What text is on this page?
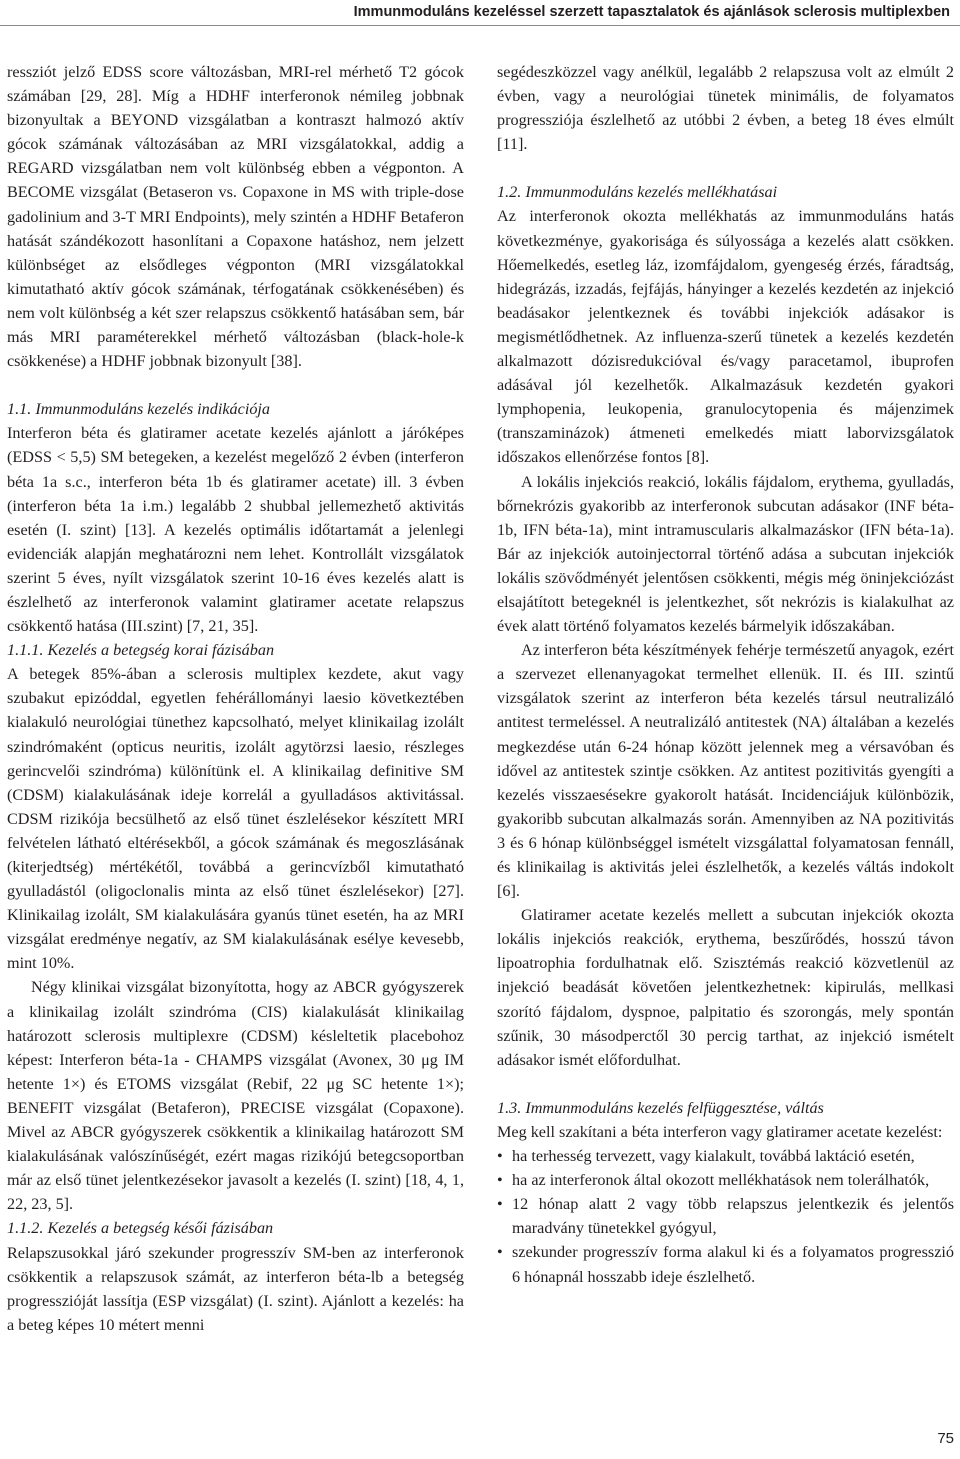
Immunmoduláns kezeléssel szerzett tapasztalatok és ajánlások sclerosis multiplexben

ressziót jelző EDSS score változásban, MRI-rel mérhető T2 gócok számában [29, 28]. Míg a HDHF interferonok némileg jobbnak bizonyultak a BEYOND vizsgálatban a kontraszt halmozó aktív gócok számának változásában az MRI vizsgálatokkal, addig a REGARD vizsgálatban nem volt különbség ebben a végponton. A BECOME vizsgálat (Betaseron vs. Copaxone in MS with triple-dose gadolinium and 3-T MRI Endpoints), mely szintén a HDHF Betaferon hatását szándékozott hasonlítani a Copaxone hatáshoz, nem jelzett különbséget az elsődleges végponton (MRI vizsgálatokkal kimutatható aktív gócok számának, térfogatának csökkenésében) és nem volt különbség a két szer relapszus csökkentő hatásában sem, bár más MRI paraméterekkel mérhető változásban (black-hole-k csökkenése) a HDHF jobbnak bizonyult [38].

1.1. Immunmoduláns kezelés indikációja

Interferon béta és glatiramer acetate kezelés ajánlott a járóképes (EDSS < 5,5) SM betegeken, a kezelést megelőző 2 évben (interferon béta 1a s.c., interferon béta 1b és glatiramer acetate) ill. 3 évben (interferon béta 1a i.m.) legalább 2 shubbal jellemezhető aktivitás esetén (I. szint) [13]. A kezelés optimális időtartamát a jelenlegi evidenciák alapján meghatározni nem lehet. Kontrollált vizsgálatok szerint 5 éves, nyílt vizsgálatok szerint 10-16 éves kezelés alatt is észlelhető az interferonok valamint glatiramer acetate relapszus csökkentő hatása (III.szint) [7, 21, 35].

1.1.1. Kezelés a betegség korai fázisában

A betegek 85%-ában a sclerosis multiplex kezdete, akut vagy szubakut epizóddal, egyetlen fehérállományi laesio következtében kialakuló neurológiai tünethez kapcsolható, melyet klinikailag izolált szindrómaként (opticus neuritis, izolált agytörzsi laesio, részleges gerincvelői szindróma) különítünk el. A klinikailag definitive SM (CDSM) kialakulásának ideje korrelál a gyulladásos aktivitással. CDSM rizikója becsülhető az első tünet észlelésekor készített MRI felvételen látható eltérésekből, a gócok számának és megoszlásának (kiterjedtség) mértékétől, továbbá a gerincvízből kimutatható gyulladástól (oligoclonalis minta az első tünet észlelésekor) [27]. Klinikailag izolált, SM kialakulására gyanús tünet esetén, ha az MRI vizsgálat eredménye negatív, az SM kialakulásának esélye kevesebb, mint 10%.

Négy klinikai vizsgálat bizonyította, hogy az ABCR gyógyszerek a klinikailag izolált szindróma (CIS) kialakulását klinikailag határozott sclerosis multiplexre (CDSM) késleltetik placebohoz képest: Interferon béta-1a - CHAMPS vizsgálat (Avonex, 30 μg IM hetente 1×) és ETOMS vizsgálat (Rebif, 22 μg SC hetente 1×); BENEFIT vizsgálat (Betaferon), PRECISE vizsgálat (Copaxone). Mivel az ABCR gyógyszerek csökkentik a klinikailag határozott SM kialakulásának valószínűségét, ezért magas rizikójú betegcsoportban már az első tünet jelentkezésekor javasolt a kezelés (I. szint) [18, 4, 1, 22, 23, 5].

1.1.2. Kezelés a betegség késői fázisában

Relapszusokkal járó szekunder progresszív SM-ben az interferonok csökkentik a relapszusok számát, az interferon béta-lb a betegség progresszióját lassítja (ESP vizsgálat) (I. szint). Ajánlott a kezelés: ha a beteg képes 10 métert menni

segédeszközzel vagy anélkül, legalább 2 relapszusa volt az elmúlt 2 évben, vagy a neurológiai tünetek minimális, de folyamatos progressziója észlelhető az utóbbi 2 évben, a beteg 18 éves elmúlt [11].

1.2. Immunmoduláns kezelés mellékhatásai

Az interferonok okozta mellékhatás az immunmoduláns hatás következménye, gyakorisága és súlyossága a kezelés alatt csökken. Hőemelkedés, esetleg láz, izomfájdalom, gyengeség érzés, fáradtság, hidegrázás, izzadás, fejfájás, hányinger a kezelés kezdetén az injekció beadásakor jelentkeznek és további injekciók adásakor is megismétlődhetnek. Az influenza-szerű tünetek a kezelés kezdetén alkalmazott dózisredukcióval és/vagy paracetamol, ibuprofen adásával jól kezelhetők. Alkalmazásuk kezdetén gyakori lymphopenia, leukopenia, granulocytopenia és májenzimek (transzaminázok) átmeneti emelkedés miatt laborvizsgálatok időszakos ellenőrzése fontos [8].

A lokális injekciós reakció, lokális fájdalom, erythema, gyulladás, bőrnekrózis gyakoribb az interferonok subcutan adásakor (INF béta-1b, IFN béta-1a), mint intramuscularis alkalmazáskor (IFN béta-1a). Bár az injekciók autoinjectorral történő adása a subcutan injekciók lokális szövődményét jelentősen csökkenti, mégis még öninjekciózást elsajátított betegeknél is jelentkezhet, sőt nekrózis is kialakulhat az évek alatt történő folyamatos kezelés bármelyik időszakában.

Az interferon béta készítmények fehérje természetű anyagok, ezért a szervezet ellenanyagokat termelhet ellenük. II. és III. szintű vizsgálatok szerint az interferon béta kezelés társul neutralizáló antitest termeléssel. A neutralizáló antitestek (NA) általában a kezelés megkezdése után 6-24 hónap között jelennek meg a vérsavóban és idővel az antitestek szintje csökken. Az antitest pozitivitás gyengíti a kezelés visszaesésekre gyakorolt hatását. Incidenciájuk különbözik, gyakoribb subcutan alkalmazás során. Amennyiben az NA pozitivitás 3 és 6 hónap különbséggel ismételt vizsgálattal folyamatosan fennáll, és klinikailag is aktivitás jelei észlelhetők, a kezelés váltás indokolt [6].

Glatiramer acetate kezelés mellett a subcutan injekciók okozta lokális injekciós reakciók, erythema, beszűrődés, hosszú távon lipoatrophia fordulhatnak elő. Szisztémás reakció közvetlenül az injekció beadását követően jelentkezhetnek: kipirulás, mellkasi szorító fájdalom, dyspnoe, palpitatio és szorongás, mely spontán szűnik, 30 másodperctől 30 percig tarthat, az injekció ismételt adásakor ismét előfordulhat.

1.3. Immunmoduláns kezelés felfüggesztése, váltás

Meg kell szakítani a béta interferon vagy glatiramer acetate kezelést:

• ha terhesség tervezett, vagy kialakult, továbbá laktáció esetén,
• ha az interferonok által okozott mellékhatások nem tolerálhatók,
• 12 hónap alatt 2 vagy több relapszus jelentkezik és jelentős maradvány tünetekkel gyógyul,
• szekunder progresszív forma alakul ki és a folyamatos progresszió 6 hónapnál hosszabb ideje észlelhető.
75
